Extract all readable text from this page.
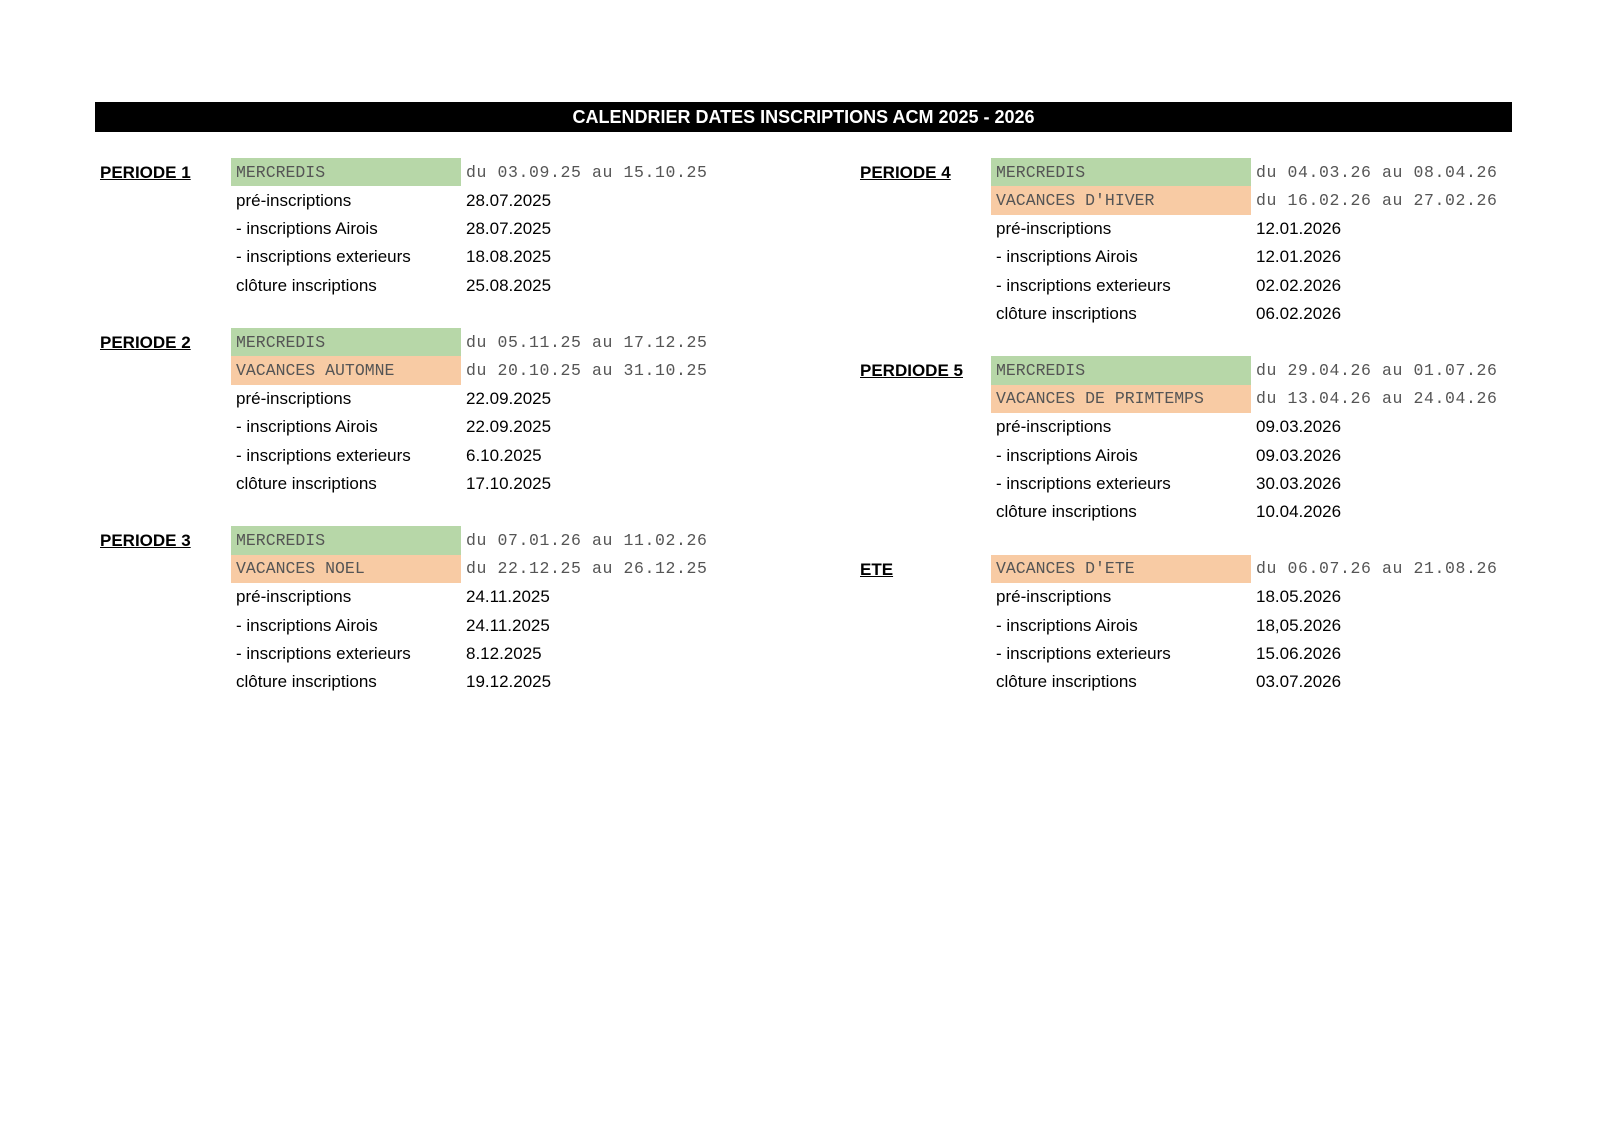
CALENDRIER DATES INSCRIPTIONS ACM 2025 - 2026
PERIODE 1	MERCREDIS	du 03.09.25 au 15.10.25
pré-inscriptions	28.07.2025
- inscriptions Airois	28.07.2025
- inscriptions exterieurs	18.08.2025
clôture inscriptions	25.08.2025
PERIODE 2	MERCREDIS	du 05.11.25 au 17.12.25
VACANCES AUTOMNE	du 20.10.25 au 31.10.25
pré-inscriptions	22.09.2025
- inscriptions Airois	22.09.2025
- inscriptions exterieurs	6.10.2025
clôture inscriptions	17.10.2025
PERIODE 3	MERCREDIS	du 07.01.26 au 11.02.26
VACANCES NOEL	du 22.12.25 au 26.12.25
pré-inscriptions	24.11.2025
- inscriptions Airois	24.11.2025
- inscriptions exterieurs	8.12.2025
clôture inscriptions	19.12.2025
PERIODE 4	MERCREDIS	du 04.03.26 au 08.04.26
VACANCES D'HIVER	du 16.02.26 au 27.02.26
pré-inscriptions	12.01.2026
- inscriptions Airois	12.01.2026
- inscriptions exterieurs	02.02.2026
clôture inscriptions	06.02.2026
PERDIODE 5	MERCREDIS	du 29.04.26 au 01.07.26
VACANCES DE PRIMTEMPS	du 13.04.26 au 24.04.26
pré-inscriptions	09.03.2026
- inscriptions Airois	09.03.2026
- inscriptions exterieurs	30.03.2026
clôture inscriptions	10.04.2026
ETE	VACANCES D'ETE	du 06.07.26 au 21.08.26
pré-inscriptions	18.05.2026
- inscriptions Airois	18,05.2026
- inscriptions exterieurs	15.06.2026
clôture inscriptions	03.07.2026
